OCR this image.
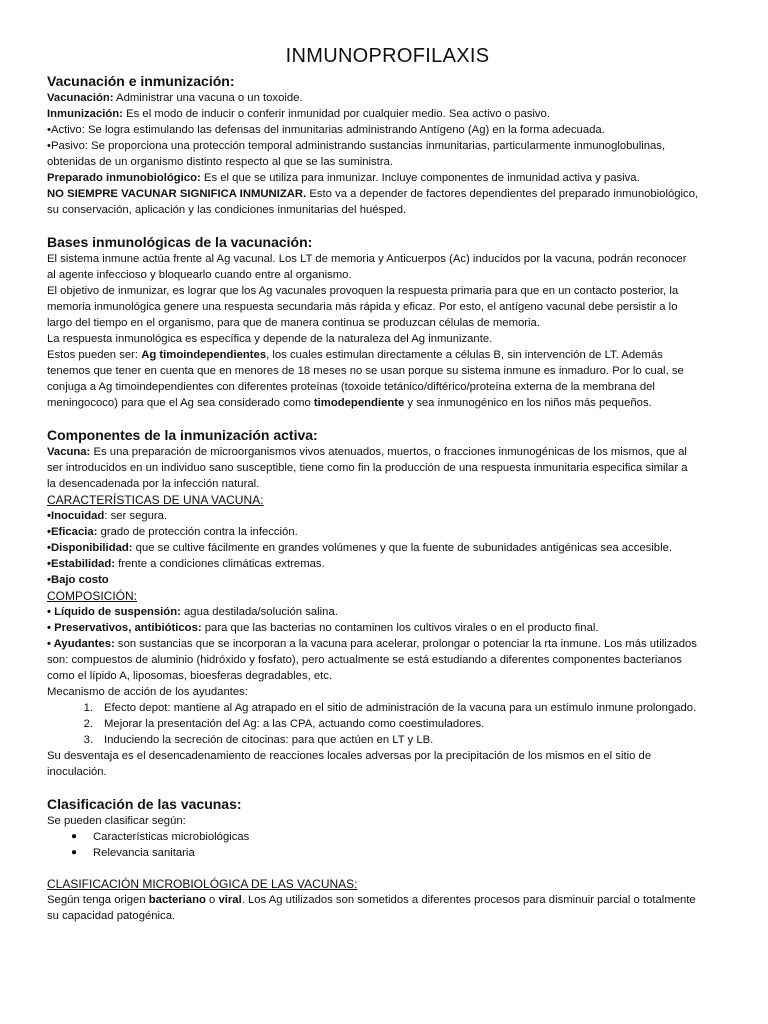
INMUNOPROFILAXIS
Vacunación e inmunización:

Vacunación: Administrar una vacuna o un toxoide.

Inmunización: Es el modo de inducir o conferir inmunidad por cualquier medio. Sea activo o pasivo.

•Activo: Se logra estimulando las defensas del inmunitarias administrando Antígeno (Ag) en la forma adecuada.

•Pasivo: Se proporciona una protección temporal administrando sustancias inmunitarias, particularmente inmunoglobulinas,
obtenidas de un organismo distinto respecto al que se las suministra.

Preparado inmunobiológico: Es el que se utiliza para inmunizar. Incluye componentes de inmunidad activa y pasiva.

NO SIEMPRE VACUNAR SIGNIFICA INMUNIZAR. Esto va a depender de factores dependientes del preparado inmunobiológico,
su conservación, aplicación y las condiciones inmunitarias del huésped.

Bases inmunológicas de la vacunación:

El sistema inmune actúa frente al Ag vacunal. Los LT de memoria y Anticuerpos (Ac) inducidos por la vacuna, podrán reconocer
al agente infeccioso y bloquearlo cuando entre al organismo.

El objetivo de inmunizar, es lograr que los Ag vacunales provoquen la respuesta primaria para que en un contacto posterior, la
memoria inmunológica genere una respuesta secundaria más rápida y eficaz. Por esto, el antígeno vacunal debe persistir a lo
largo del tiempo en el organismo, para que de manera continua se produzcan células de memoria.

La respuesta inmunológica es específica y depende de la naturaleza del Ag inmunizante.

Estos pueden ser: Ag timoindependientes, los cuales estimulan directamente a células B, sin intervención de LT. Además
tenemos que tener en cuenta que en menores de 18 meses no se usan porque su sistema inmune es inmaduro. Por lo cual, se
conjuga a Ag timoindependientes con diferentes proteínas (toxoide tetánico/diftérico/proteína externa de la membrana del
meningococo) para que el Ag sea considerado como timodependiente y sea inmunogénico en los niños más pequeños.

Componentes de la inmunización activa:

Vacuna: Es una preparación de microorganismos vivos atenuados, muertos, o fracciones inmunogénicas de los mismos, que al
ser introducidos en un individuo sano susceptible, tiene como fin la producción de una respuesta inmunitaria especifica similar a
la desencadenada por la infección natural.

CARACTERÍSTICAS DE UNA VACUNA:

•Inocuidad: ser segura.

•Eficacia: grado de protección contra la infección.

•Disponibilidad: que se cultive fácilmente en grandes volúmenes y que la fuente de subunidades antigénicas sea accesible.

•Estabilidad: frente a condiciones climáticas extremas.

•Bajo costo

COMPOSICIÓN:

• Líquido de suspensión: agua destilada/solución salina.

• Preservativos, antibióticos: para que las bacterias no contaminen los cultivos virales o en el producto final.

• Ayudantes: son sustancias que se incorporan a la vacuna para acelerar, prolongar o potenciar la rta inmune. Los más utilizados
son: compuestos de aluminio (hidróxido y fosfato), pero actualmente se está estudiando a diferentes componentes bacterianos
como el lípido A, liposomas, bioesferas degradables, etc.

Mecanismo de acción de los ayudantes:

1. Efecto depot: mantiene al Ag atrapado en el sitio de administración de la vacuna para un estímulo inmune prolongado.
2. Mejorar la presentación del Ag: a las CPA, actuando como coestimuladores.
3. Induciendo la secreción de citocinas: para que actúen en LT y LB.

Su desventaja es el desencadenamiento de reacciones locales adversas por la precipitación de los mismos en el sitio de
inoculación.

Clasificación de las vacunas:

Se pueden clasificar según:

●	Características microbiológicas
●	Relevancia sanitaria

CLASIFICACIÓN MICROBIOLÓGICA DE LAS VACUNAS:

Según tenga origen bacteriano o viral. Los Ag utilizados son sometidos a diferentes procesos para disminuir parcial o totalmente
su capacidad patogénica.
